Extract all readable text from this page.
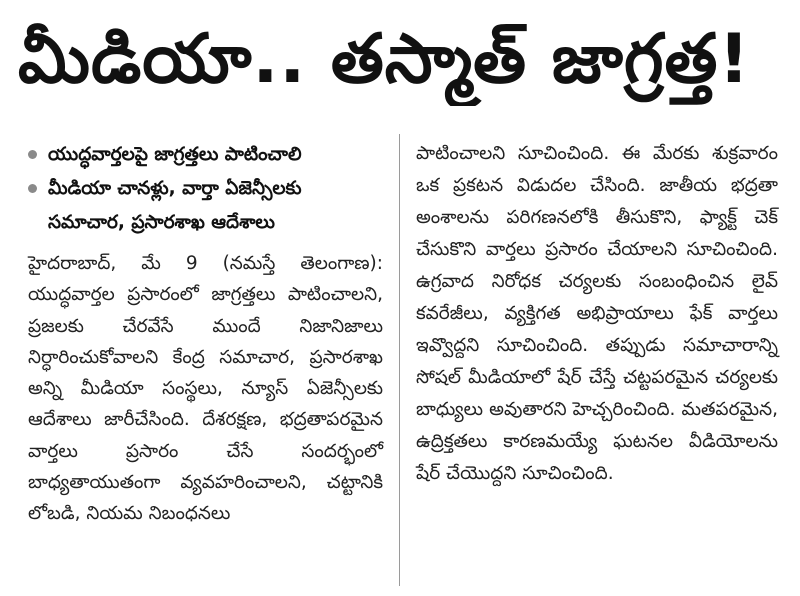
మీడియా.. తస్మాత్ జాగ్రత్త!
యుద్ధవార్తలపై జాగ్రత్తలు పాటించాలి
మీడియా చానళ్లు, వార్తా ఏజెన్సీలకు సమాచార, ప్రసారశాఖ ఆదేశాలు
హైదరాబాద్, మే 9 (నమస్తే తెలంగాణ): యుద్ధవార్తల ప్రసారంలో జాగ్రత్తలు పాటించాలని, ప్రజలకు చేరవేసే ముందే నిజానిజాలు నిర్ధారించుకోవాలని కేంద్ర సమాచార, ప్రసారశాఖ అన్ని మీడియా సంస్థలు, న్యూస్ ఏజెన్సీలకు ఆదేశాలు జారీచేసింది. దేశరక్షణ, భద్రతాపరమైన వార్తలు ప్రసారం చేసే సందర్భంలో బాధ్యతాయుతంగా వ్యవహరించాలని, చట్టానికి లోబడి, నియమ నిబంధనలు
పాటించాలని సూచించింది. ఈ మేరకు శుక్రవారం ఒక ప్రకటన విడుదల చేసింది. జాతీయ భద్రతా అంశాలను పరిగణనలోకి తీసుకొని, ఫ్యాక్ట్ చెక్ చేసుకొని వార్తలు ప్రసారం చేయాలని సూచించింది. ఉగ్రవాద నిరోధక చర్యలకు సంబంధించిన లైవ్ కవరేజీలు, వ్యక్తిగత అభిప్రాయాలు ఫేక్ వార్తలు ఇవ్వొద్దని సూచించింది. తప్పుడు సమాచారాన్ని సోషల్ మీడియాలో షేర్ చేస్తే చట్టపరమైన చర్యలకు బాధ్యులు అవుతారని హెచ్చరించింది. మతపరమైన, ఉద్రిక్తతలు కారణమయ్యే ఘటనల వీడియోలను షేర్ చేయొద్దని సూచించింది.
